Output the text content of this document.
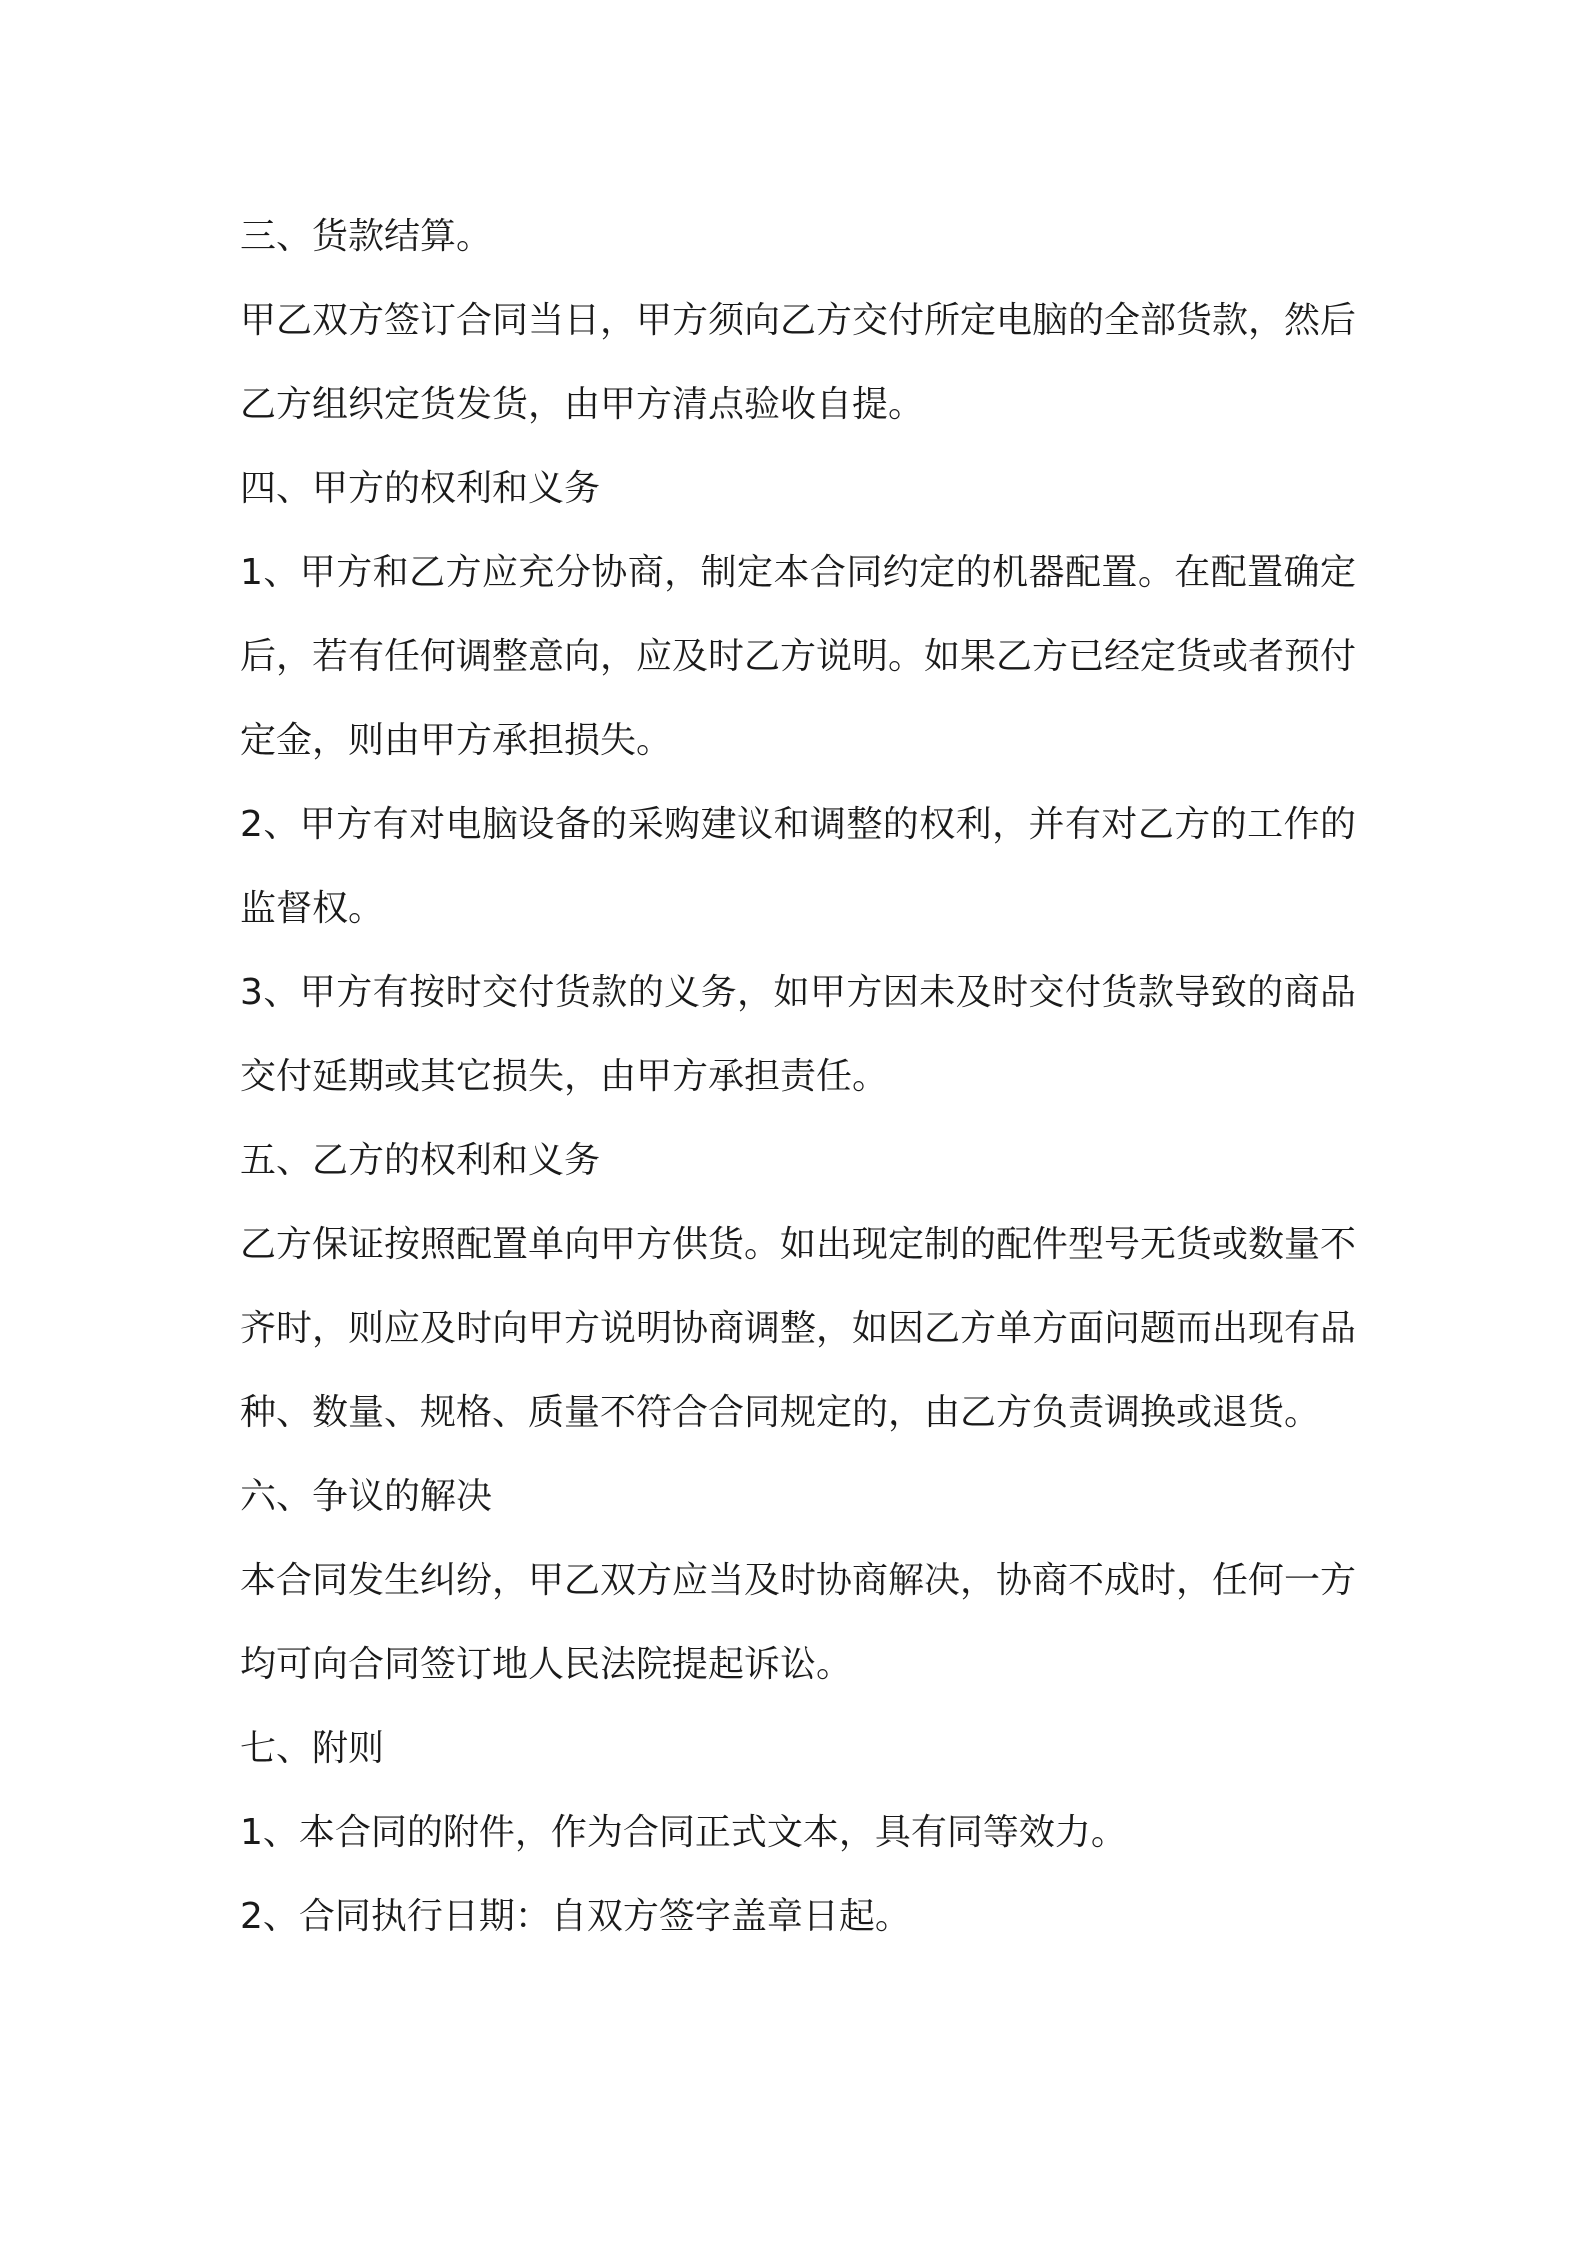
三、货款结算。

甲乙双方签订合同当日，甲方须向乙方交付所定电脑的全部货款，然后乙方组织定货发货，由甲方清点验收自提。

四、甲方的权利和义务

1、甲方和乙方应充分协商，制定本合同约定的机器配置。在配置确定后，若有任何调整意向，应及时乙方说明。如果乙方已经定货或者预付定金，则由甲方承担损失。

2、甲方有对电脑设备的采购建议和调整的权利，并有对乙方的工作的监督权。

3、甲方有按时交付货款的义务，如甲方因未及时交付货款导致的商品交付延期或其它损失，由甲方承担责任。

五、乙方的权利和义务

乙方保证按照配置单向甲方供货。如出现定制的配件型号无货或数量不齐时，则应及时向甲方说明协商调整，如因乙方单方面问题而出现有品种、数量、规格、质量不符合合同规定的，由乙方负责调换或退货。

六、争议的解决

本合同发生纠纷，甲乙双方应当及时协商解决，协商不成时，任何一方均可向合同签订地人民法院提起诉讼。

七、附则

1、本合同的附件，作为合同正式文本，具有同等效力。

2、合同执行日期：自双方签字盖章日起。
